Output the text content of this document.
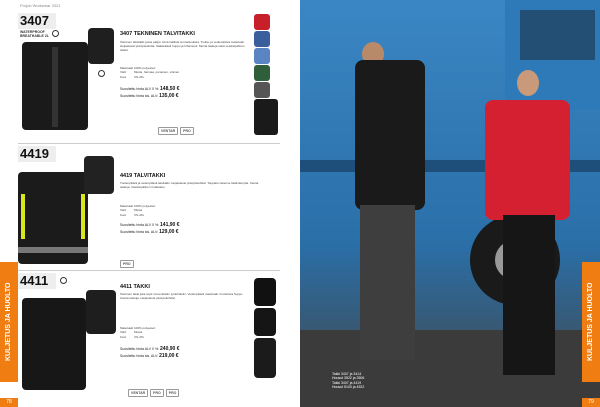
Projob Workwear 2021
3407
WATERPROOF BREATHABLE 2L	3407 TEKNINEN TALVITAKKI
Tekninen talvitakki jossa paljon toiminnallisia ominaisuuksia. Tuulta- ja vedenpitävä materiaali. Heijastavat yksityiskohdat. Säädettävä huppu ja hihansuut. Monia taskuja sekä vetoketjullinen taskut.
Materiaali100% polyesteri
Värit	Musta, harmaa, punainen, sininen
Koot	XS-4XL
Suositeltu hinta ALV 0 %: 148,50 €
Suositeltu hinta sis. ALV: 135,00 €
VENTAR PRO
4419
4419 TALVITAKKI
Tuulenpitävä ja vedenpitävä talvitakki. Heijastavat yksityiskohdat. Toppattu rakenne lisää lämpöä. Useita taskuja. Vetoketjullinen rintatasku.
Materiaali100% polyesteri
Värit	Musta
Koot	XS-4XL
Suositeltu hinta ALV 0 %: 141,90 €
Suositeltu hinta sis. ALV: 129,00 €
PRO
4411	4411 TAKKI
Tekninen takki joka sopii monenlaisiin työtehtäviin. Vedenpitävä materiaali. Irrotettava huppu. Useita taskuja. Heijastavat yksityiskohdat.
Materiaali100% polyesteri
Värit	Musta
Koot	XS-4XL
Suositeltu hinta ALV 0 %: 240,90 €
Suositeltu hinta sis. ALV: 219,00 €
VENTAR PRO PRO
KULJETUS JA HUOLTO
78
Takki 3407 ja 3414
Housut 3522 ja 3506
Takki 3407 ja 4419
Housut 5100 ja 4522
KULJETUS JA HUOLTO
79
